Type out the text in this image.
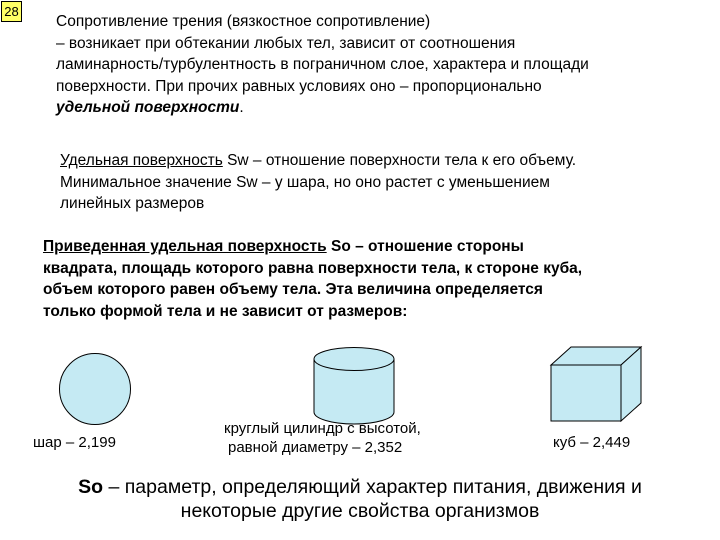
28

Сопротивление трения (вязкостное сопротивление)
– возникает при обтекании любых тел, зависит от соотношения
ламинарность/турбулентность в пограничном слое, характера и площади
поверхности. При прочих равных условиях оно – пропорционально
удельной поверхности.

Удельная поверхность Sw – отношение поверхности тела к его объему.
Минимальное значение Sw – у шара, но оно растет с уменьшением
линейных размеров

Приведенная удельная поверхность So – отношение стороны
квадрата, площадь которого равна поверхности тела, к стороне куба,
объем которого равен объему тела. Эта величина определяется
только формой тела и не зависит от размеров:

шар – 2,199
круглый цилиндр с высотой,
равной диаметру – 2,352	куб – 2,449
So – параметр, определяющий характер питания, движения и
некоторые другие свойства организмов
